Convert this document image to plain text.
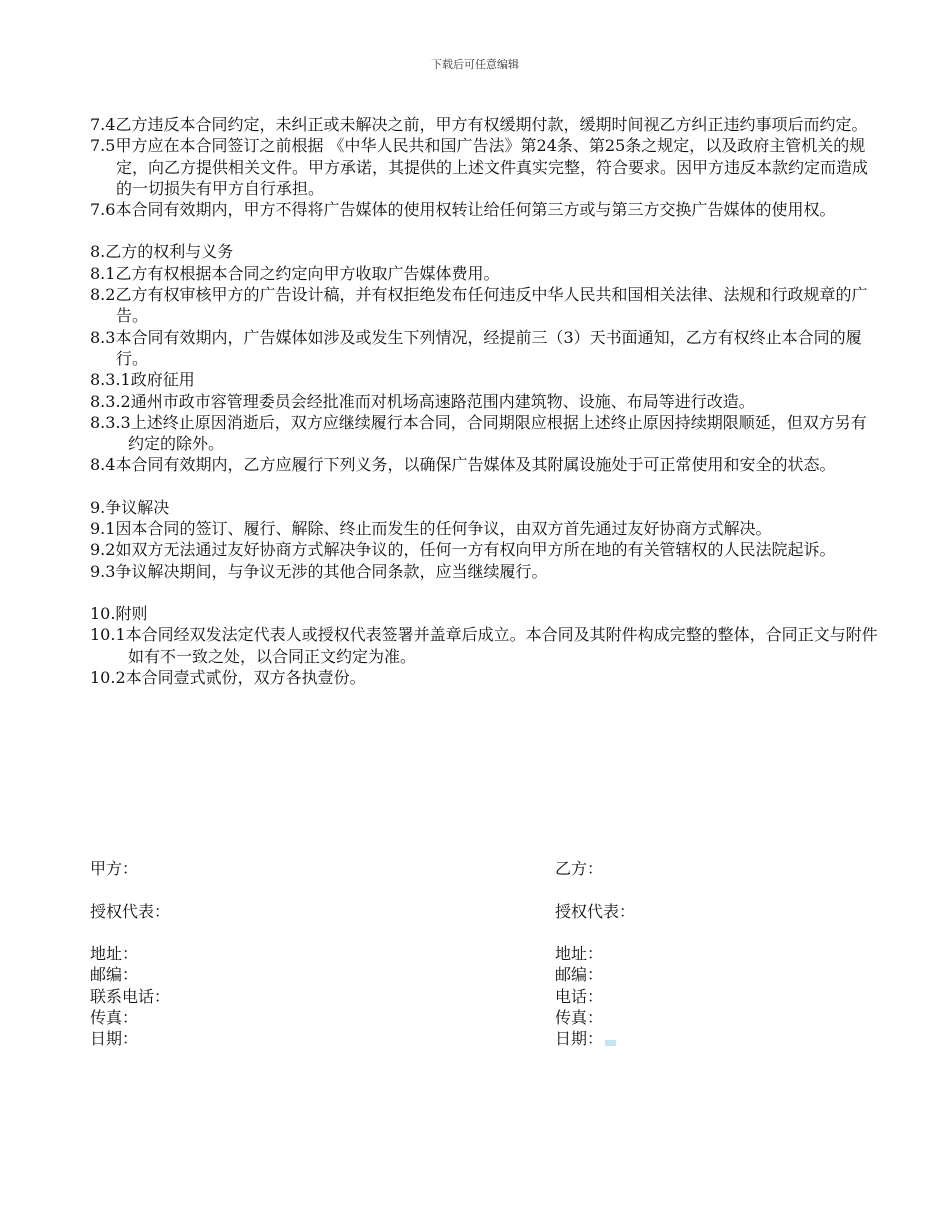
下载后可任意编辑

7.4乙方违反本合同约定，未纠正或未解决之前，甲方有权缓期付款，缓期时间视乙方纠正违约事项后而约定。

7.5甲方应在本合同签订之前根据 《中华人民共和国广告法》第24条、第25条之规定，以及政府主管机关的规定，向乙方提供相关文件。甲方承诺，其提供的上述文件真实完整，符合要求。因甲方违反本款约定而造成的一切损失有甲方自行承担。

7.6本合同有效期内，甲方不得将广告媒体的使用权转让给任何第三方或与第三方交换广告媒体的使用权。

8.乙方的权利与义务

8.1乙方有权根据本合同之约定向甲方收取广告媒体费用。

8.2乙方有权审核甲方的广告设计稿，并有权拒绝发布任何违反中华人民共和国相关法律、法规和行政规章的广告。

8.3本合同有效期内，广告媒体如涉及或发生下列情况，经提前三（3）天书面通知，乙方有权终止本合同的履行。

8.3.1政府征用

8.3.2通州市政市容管理委员会经批准而对机场高速路范围内建筑物、设施、布局等进行改造。

8.3.3上述终止原因消逝后，双方应继续履行本合同，合同期限应根据上述终止原因持续期限顺延，但双方另有约定的除外。

8.4本合同有效期内，乙方应履行下列义务，以确保广告媒体及其附属设施处于可正常使用和安全的状态。

9.争议解决

9.1因本合同的签订、履行、解除、终止而发生的任何争议，由双方首先通过友好协商方式解决。

9.2如双方无法通过友好协商方式解决争议的，任何一方有权向甲方所在地的有关管辖权的人民法院起诉。

9.3争议解决期间，与争议无涉的其他合同条款，应当继续履行。

10.附则

10.1本合同经双发法定代表人或授权代表签署并盖章后成立。本合同及其附件构成完整的整体，合同正文与附件如有不一致之处，以合同正文约定为准。

10.2本合同壹式贰份，双方各执壹份。

甲方：

授权代表：

地址：

邮编：

联系电话：

传真：

日期：

乙方：

授权代表：

地址：

邮编：

电话：

传真：

日期：
